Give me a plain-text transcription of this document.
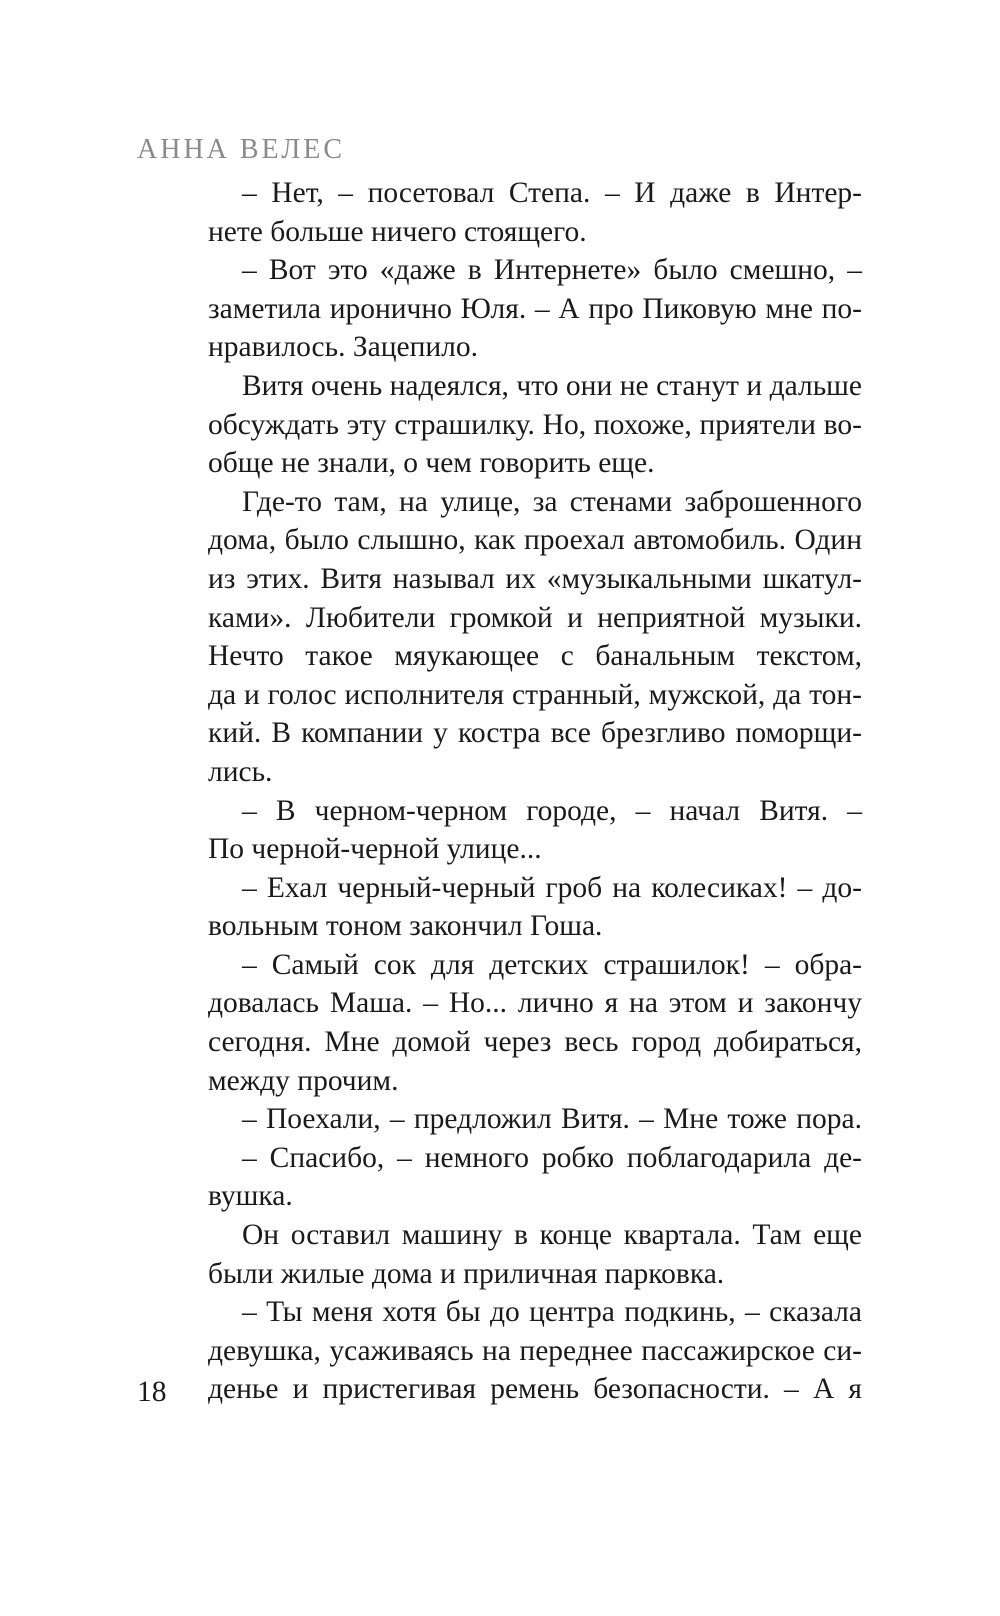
АННА ВЕЛЕС
– Нет, – посетовал Степа. – И даже в Интер-
нете больше ничего стоящего.
– Вот это «даже в Интернете» было смешно, –
заметила иронично Юля. – А про Пиковую мне по-
нравилось. Зацепило.
Витя очень надеялся, что они не станут и дальше
обсуждать эту страшилку. Но, похоже, приятели во-
обще не знали, о чем говорить еще.
Где-то там, на улице, за стенами заброшенного
дома, было слышно, как проехал автомобиль. Один
из этих. Витя называл их «музыкальными шкатул-
ками». Любители громкой и неприятной музыки.
Нечто такое мяукающее с банальным текстом,
да и голос исполнителя странный, мужской, да тон-
кий. В компании у костра все брезгливо поморщи-
лись.
– В черном-черном городе, – начал Витя. –
По черной-черной улице...
– Ехал черный-черный гроб на колесиках! – до-
вольным тоном закончил Гоша.
– Самый сок для детских страшилок! – обра-
довалась Маша. – Но... лично я на этом и закончу
сегодня. Мне домой через весь город добираться,
между прочим.
– Поехали, – предложил Витя. – Мне тоже пора.
– Спасибо, – немного робко поблагодарила де-
вушка.
Он оставил машину в конце квартала. Там еще
были жилые дома и приличная парковка.
– Ты меня хотя бы до центра подкинь, – сказала
девушка, усаживаясь на переднее пассажирское си-
денье и пристегивая ремень безопасности. – А я
18
